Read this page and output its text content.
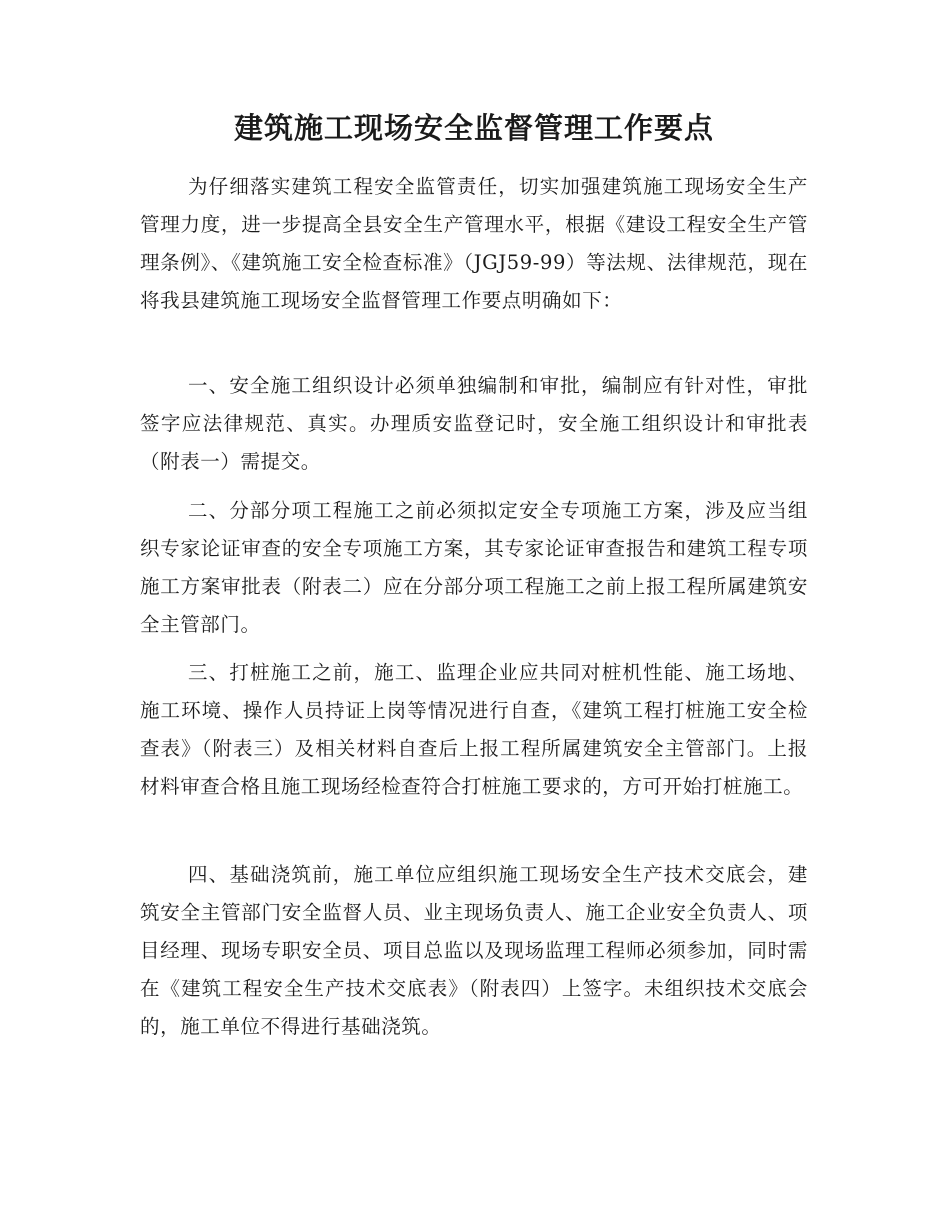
建筑施工现场安全监督管理工作要点

为仔细落实建筑工程安全监管责任，切实加强建筑施工现场安全生产管理力度，进一步提高全县安全生产管理水平，根据《建设工程安全生产管理条例》、《建筑施工安全检查标准》（JGJ59-99）等法规、法律规范，现在将我县建筑施工现场安全监督管理工作要点明确如下：

一、安全施工组织设计必须单独编制和审批，编制应有针对性，审批签字应法律规范、真实。办理质安监登记时，安全施工组织设计和审批表（附表一）需提交。

二、分部分项工程施工之前必须拟定安全专项施工方案，涉及应当组织专家论证审查的安全专项施工方案，其专家论证审查报告和建筑工程专项施工方案审批表（附表二）应在分部分项工程施工之前上报工程所属建筑安全主管部门。

三、打桩施工之前，施工、监理企业应共同对桩机性能、施工场地、施工环境、操作人员持证上岗等情况进行自查，《建筑工程打桩施工安全检查表》（附表三）及相关材料自查后上报工程所属建筑安全主管部门。上报材料审查合格且施工现场经检查符合打桩施工要求的，方可开始打桩施工。

四、基础浇筑前，施工单位应组织施工现场安全生产技术交底会，建筑安全主管部门安全监督人员、业主现场负责人、施工企业安全负责人、项目经理、现场专职安全员、项目总监以及现场监理工程师必须参加，同时需在《建筑工程安全生产技术交底表》（附表四）上签字。未组织技术交底会的，施工单位不得进行基础浇筑。
